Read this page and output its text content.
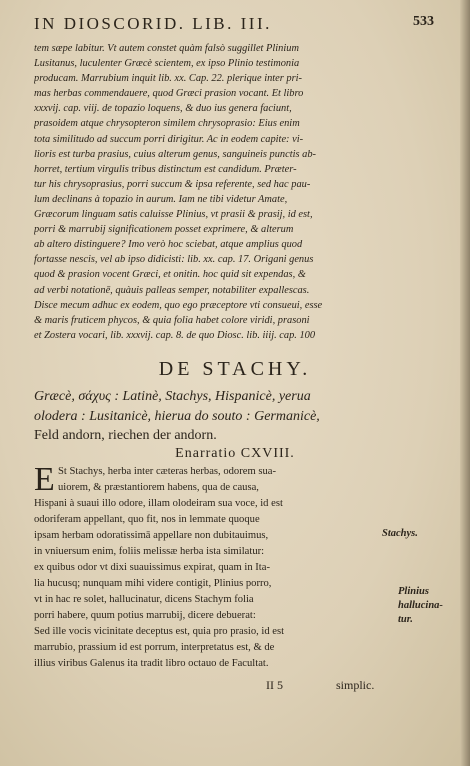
IN DIOSCORID. LIB. III.	533
tem sæpe labitur. Vt autem constet quàm falsò suggillet Plinium
Lusitanus, luculenter Græcè scientem, ex ipso Plinio testimonia
producam. Marrubium inquit lib. xx. Cap. 22. plerique inter pri-
mas herbas commendauere, quod Græci prasion vocant. Et libro
xxxvij. cap. viij. de topazio loquens, & duo ius genera faciunt,
prasoidem atque chrysopteron similem chrysoprasio: Eius enim
tota similitudo ad succum porri dirigitur. Ac in eodem capite: vi-
lioris est turba prasius, cuius alterum genus, sanguineis punctis ab-
horret, tertium virgulis tribus distinctum est candidum. Præter-
tur his chrysoprasius, porri succum & ipsa referente, sed hac pau-
lum declinans à topazio in aurum. Iam ne tibi videtur Amate,
Græcorum linguam satis caluisse Plinius, vt prasii & prasij, id est,
porri & marrubij significationem posset exprimere, & alterum
ab altero distinguere? Imo verò hoc sciebat, atque amplius quod
fortasse nescis, vel ab ipso didicisti: lib. xx. cap. 17. Origani genus
quod & prasion vocent Græci, et onitin. hoc quid sit expendas, &
ad verbi notationē, quàuis palleas semper, notabiliter expallescas.
Disce mecum adhuc ex eodem, quo ego præceptore vti consueui, esse
& maris fruticem phycos, & quia folia habet colore viridi, prasoni
et Zostera vocari, lib. xxxvij. cap. 8. de quo Diosc. lib. iiij. cap. 100
DE STACHY.
Græcè, σάχυς : Latinè, Stachys, Hispanicè, yerua
olodera : Lusitanicè, hierua do souto : Germanicè,
Feld andorn, riechen der andorn.
Enarratio CXVIII.
E St Stachys, herba inter cæteras herbas, odorem sua-
uiorem, & præstantiorem habens, qua de causa,
Hispani à suaui illo odore, illam olodeiram sua voce, id est
odoriferam appellant, quo fit, nos in lemmate quoque
ipsam herbam odoratissimā appellare non dubitauimus,
in vniuersum enim, foliis melissæ herba ista similatur:
ex quibus odor vt dixi suauissimus expirat, quam in Ita-
lia hucusq; nunquam mihi videre contigit, Plinius porro,
vt in hac re solet, hallucinatur, dicens Stachym folia
porri habere, quum potius marrubij, dicere debuerat:
Sed ille vocis vicinitate deceptus est, quia pro prasio, id est
marrubio, prassium id est porrum, interpretatus est, & de
illius viribus Galenus ita tradit libro octauo de Facultat.
Stachys.
Plinius
hallucina-
tur.
II 5	simplic.
